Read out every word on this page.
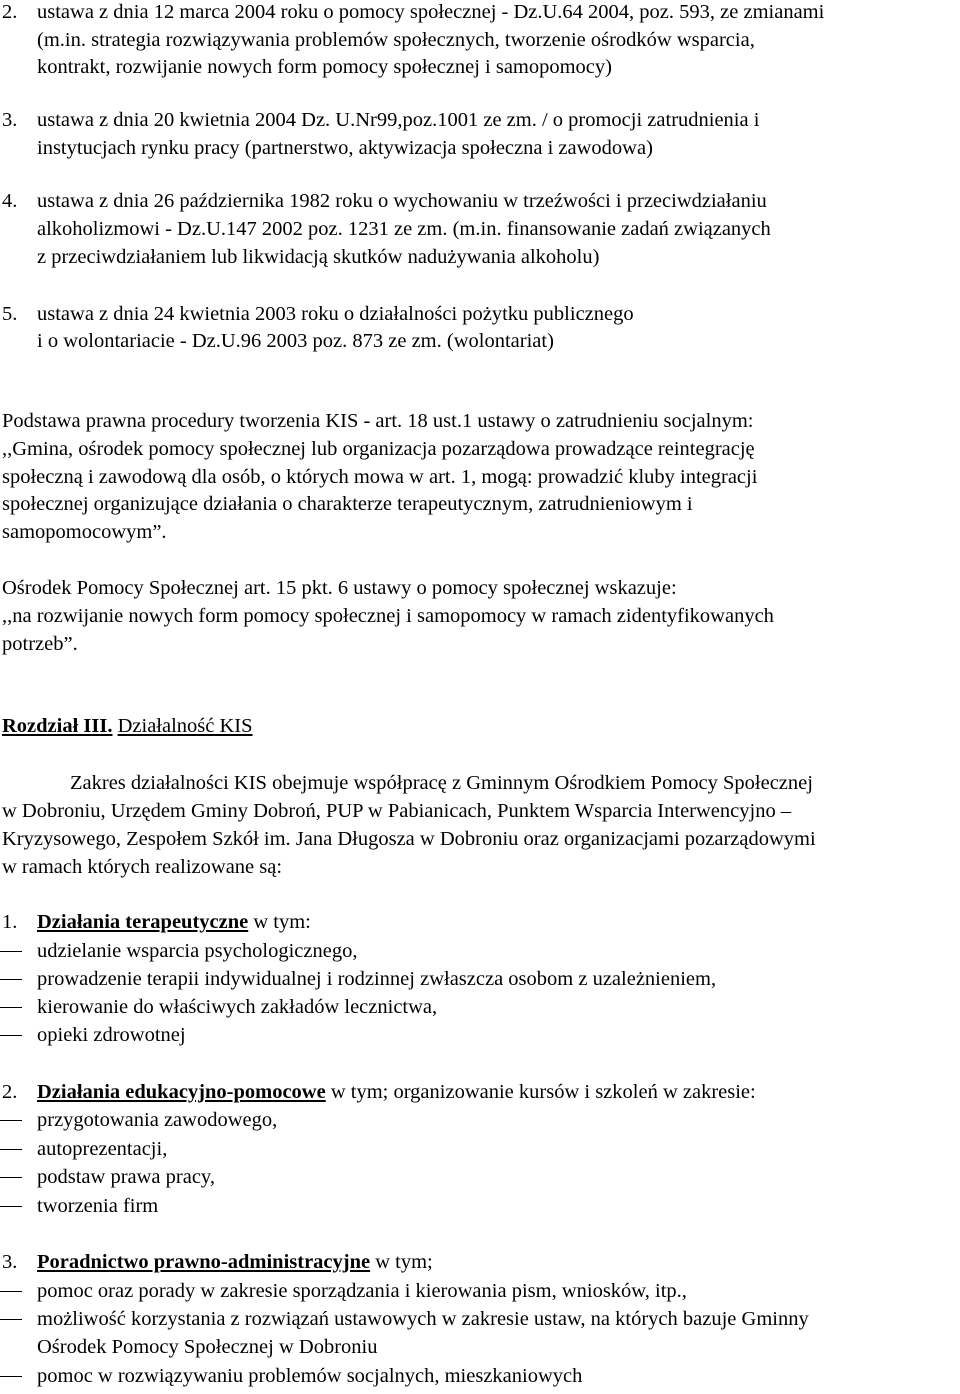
2. ustawa z dnia 12 marca 2004 roku o pomocy społecznej - Dz.U.64 2004, poz. 593, ze zmianami
(m.in. strategia rozwiązywania problemów społecznych, tworzenie ośrodków wsparcia,
kontrakt, rozwijanie nowych form pomocy społecznej i samopomocy)
3. ustawa z dnia 20 kwietnia 2004 Dz. U.Nr99,poz.1001 ze zm. / o promocji zatrudnienia i
instytucjach rynku pracy (partnerstwo, aktywizacja społeczna i zawodowa)
4. ustawa z dnia 26 października 1982 roku o wychowaniu w trzeźwości i przeciwdziałaniu
alkoholizmowi - Dz.U.147 2002 poz. 1231 ze zm. (m.in. finansowanie zadań związanych
z przeciwdziałaniem lub likwidacją skutków nadużywania alkoholu)
5. ustawa z dnia 24 kwietnia 2003 roku o działalności pożytku publicznego
i o wolontariacie - Dz.U.96 2003 poz. 873 ze zm. (wolontariat)
Podstawa prawna procedury tworzenia KIS - art. 18 ust.1 ustawy o zatrudnieniu socjalnym:
,,Gmina, ośrodek pomocy społecznej lub organizacja pozarządowa prowadzące reintegrację
społeczną i zawodową dla osób, o których mowa w art. 1, mogą: prowadzić kluby integracji
społecznej organizujące działania o charakterze terapeutycznym, zatrudnieniowym i
samopomocowym”.
Ośrodek Pomocy Społecznej art. 15 pkt. 6 ustawy o pomocy społecznej wskazuje:
,,na rozwijanie nowych form pomocy społecznej i samopomocy w ramach zidentyfikowanych
potrzeb”.
Rozdział III. Działalność KIS
Zakres działalności KIS obejmuje współpracę z Gminnym Ośrodkiem Pomocy Społecznej
w Dobroniu, Urzędem Gminy Dobroń, PUP w Pabianicach, Punktem Wsparcia Interwencyjno –
Kryzysowego, Zespołem Szkół im. Jana Długosza w Dobroniu oraz organizacjami pozarządowymi
w ramach których realizowane są:
1. Działania terapeutyczne w tym:
udzielanie wsparcia psychologicznego,
prowadzenie terapii indywidualnej i rodzinnej zwłaszcza osobom z uzależnieniem,
kierowanie do właściwych zakładów lecznictwa,
opieki zdrowotnej
2. Działania edukacyjno-pomocowe w tym; organizowanie kursów i szkoleń w zakresie:
przygotowania zawodowego,
autoprezentacji,
podstaw prawa pracy,
tworzenia firm
3. Poradnictwo prawno-administracyjne w tym;
pomoc oraz porady w zakresie sporządzania i kierowania pism, wniosków, itp.,
możliwość korzystania z rozwiązań ustawowych w zakresie ustaw, na których bazuje Gminny
Ośrodek Pomocy Społecznej w Dobroniu
pomoc w rozwiązywaniu problemów socjalnych, mieszkaniowych
